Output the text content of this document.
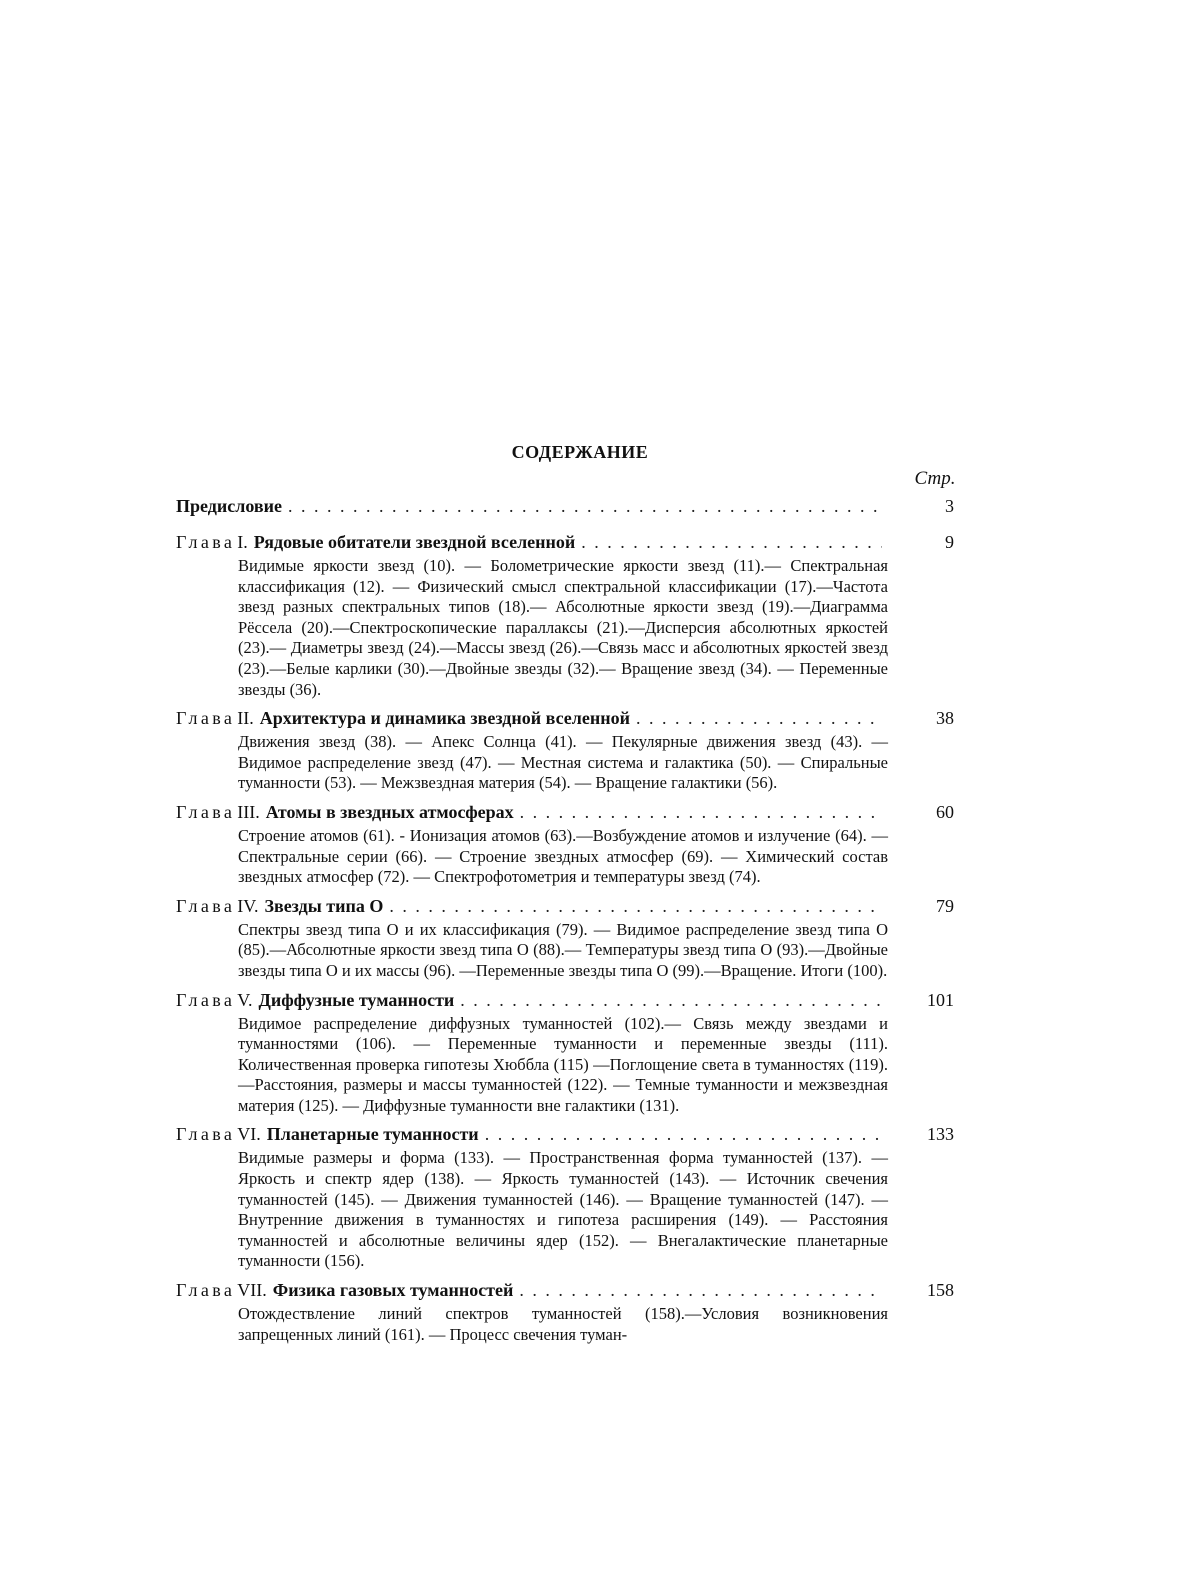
СОДЕРЖАНИЕ
Стр.
Предисловие . . .	3
Глава I. Рядовые обитатели звездной вселенной . . .	9
Видимые яркости звезд (10). — Болометрические яркости звезд (11).— Спектральная классификация (12). — Физический смысл спектральной классификации (17).—Частота звезд разных спектральных типов (18).— Абсолютные яркости звезд (19).—Диаграмма Рёссела (20).—Спектроскопические параллаксы (21).—Дисперсия абсолютных яркостей (23).— Диаметры звезд (24).—Массы звезд (26).—Связь масс и абсолютных яркостей звезд (23).—Белые карлики (30).—Двойные звезды (32).— Вращение звезд (34). — Переменные звезды (36).
Глава II. Архитектура и динамика звездной вселенной . . .	38
Движения звезд (38). — Апекс Солнца (41). — Пекулярные движения звезд (43). — Видимое распределение звезд (47). — Местная система и галактика (50). — Спиральные туманности (53). — Межзвездная материя (54). — Вращение галактики (56).
Глава III. Атомы в звездных атмосферах . . .	60
Строение атомов (61). - Ионизация атомов (63).—Возбуждение атомов и излучение (64). — Спектральные серии (66). — Строение звездных атмосфер (69). — Химический состав звездных атмосфер (72). — Спектрофотометрия и температуры звезд (74).
Глава IV. Звезды типа О . . .	79
Спектры звезд типа О и их классификация (79). — Видимое распределение звезд типа О (85).—Абсолютные яркости звезд типа О (88).— Температуры звезд типа О (93).—Двойные звезды типа О и их массы (96). —Переменные звезды типа О (99).—Вращение. Итоги (100).
Глава V. Диффузные туманности . . .	101
Видимое распределение диффузных туманностей (102).— Связь между звездами и туманностями (106). — Переменные туманности и переменные звезды (111). Количественная проверка гипотезы Хюббла (115) —Поглощение света в туманностях (119).—Расстояния, размеры и массы туманностей (122). — Темные туманности и межзвездная материя (125). — Диффузные туманности вне галактики (131).
Глава VI. Планетарные туманности . . .	133
Видимые размеры и форма (133). — Пространственная форма туманностей (137). — Яркость и спектр ядер (138). — Яркость туманностей (143). — Источник свечения туманностей (145). — Движения туманностей (146). — Вращение туманностей (147). — Внутренние движения в туманностях и гипотеза расширения (149). — Расстояния туманностей и абсолютные величины ядер (152). — Внегалактические планетарные туманности (156).
Глава VII. Физика газовых туманностей . . .	158
Отождествление линий спектров туманностей (158).—Условия возникновения запрещенных линий (161). — Процесс свечения туман-
